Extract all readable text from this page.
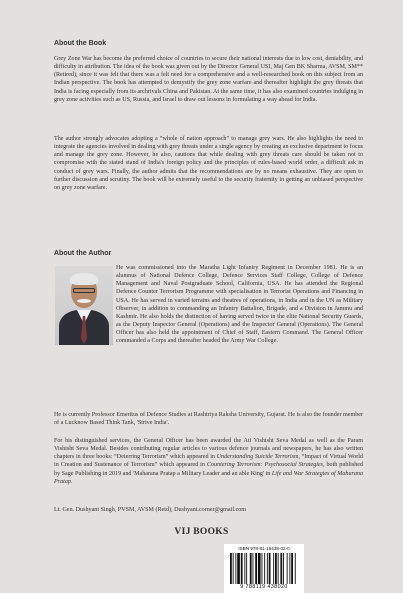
About the Book

Grey Zone War has become the preferred choice of countries to secure their national interests due to low cost, deniability, and difficulty in attribution. The idea of the book was given out by the Director General USI, Maj Gen BK Sharma, AVSM, SM** (Retired), since it was felt that there was a felt need for a comprehensive and a well-researched book on this subject from an Indian perspective. The book has attempted to demystify the grey zone warfare and thereafter highlight the grey threats that India is facing especially from its archrivals China and Pakistan. At the same time, it has also examined countries indulging in grey zone activities such as US, Russia, and Israel to draw out lessons in formulating a way ahead for India.

The author strongly advocates adopting a “whole of nation approach” to manage grey wars. He also highlights the need to integrate the agencies involved in dealing with grey threats under a single agency by creating an exclusive department to focus and manage the grey zone. However, he also, cautions that while dealing with grey threats care should be taken not to compromise with the stated stand of India's foreign policy and the principles of rules-based world order, a difficult ask in conduct of grey wars. Finally, the author admits that the recommendations are by no means exhaustive. They are open to further discussion and scrutiny. The book will be extremely useful to the security fraternity in getting an unbiased perspective on grey zone warfare.

About the Author
He was commissioned into the Maratha Light Infantry Regiment in December 1981. He is an alumnus of National Defence College, Defence Services Staff College, College of Defence Management and Naval Postgraduate School, California, USA. He has attended the Regional Defence Counter Terrorism Programme with specialisation in Terrorist Operations and Financing in USA. He has served in varied terrains and theatres of operations, in India and in the UN as Military Observer, in addition to commanding an Infantry Battalion, Brigade, and a Division in Jammu and Kashmir. He also holds the distinction of having served twice in the elite National Security Guards, as the Deputy Inspector General (Operations) and the Inspector General (Operations). The General Officer has also held the appointment of Chief of Staff, Eastern Command. The General Officer commanded a Corps and thereafter headed the Army War College.

He is currently Professor Emeritus of Defence Studies at Rashtriya Raksha University, Gujarat. He is also the founder member of a Lucknow Based Think Tank, 'Strive India'.

For his distinguished services, the General Officer has been awarded the Ati Vishisht Seva Medal as well as the Param Vishisht Seva Medal. Besides contributing regular articles to various defence journals and newspapers, he has also written chapters in three books: “Deterring Terrorism” which appeared in Understanding Suicide Terrorism, “Impact of Virtual World in Creation and Sustenance of Terrorism” which appeared in Countering Terrorism: Psychosocial Strategies, both published by Sage Publishing in 2019 and 'Maharana Pratap a Military Leader and an able King' in Life and War Strategies of Maharana Pratap.

Lt. Gen. Dushyant Singh, PVSM, AVSM (Retd), Dushyant.corner@gmail.com
VIJ BOOKS
ISBN 978-81-19438-02-0
9 788119 438020
